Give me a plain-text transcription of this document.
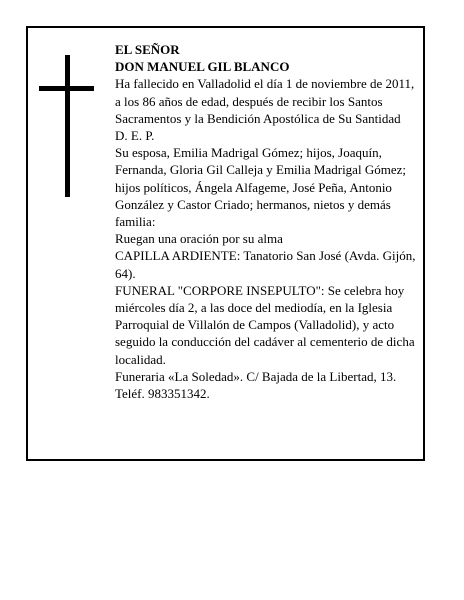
EL SEÑOR

DON MANUEL GIL BLANCO

Ha fallecido en Valladolid el día 1 de noviembre de 2011, a los 86 años de edad, después de recibir los Santos Sacramentos y la Bendición Apostólica de Su Santidad

D. E. P.

Su esposa, Emilia Madrigal Gómez; hijos, Joaquín, Fernanda, Gloria Gil Calleja y Emilia Madrigal Gómez; hijos políticos, Ángela Alfageme, José Peña, Antonio González y Castor Criado; hermanos, nietos y demás familia:

Ruegan una oración por su alma

CAPILLA ARDIENTE: Tanatorio San José (Avda. Gijón, 64).

FUNERAL "CORPORE INSEPULTO": Se celebra hoy miércoles día 2, a las doce del mediodía, en la Iglesia Parroquial de Villalón de Campos (Valladolid), y acto seguido la conducción del cadáver al cementerio de dicha localidad.

Funeraria «La Soledad». C/ Bajada de la Libertad, 13. Teléf. 983351342.
